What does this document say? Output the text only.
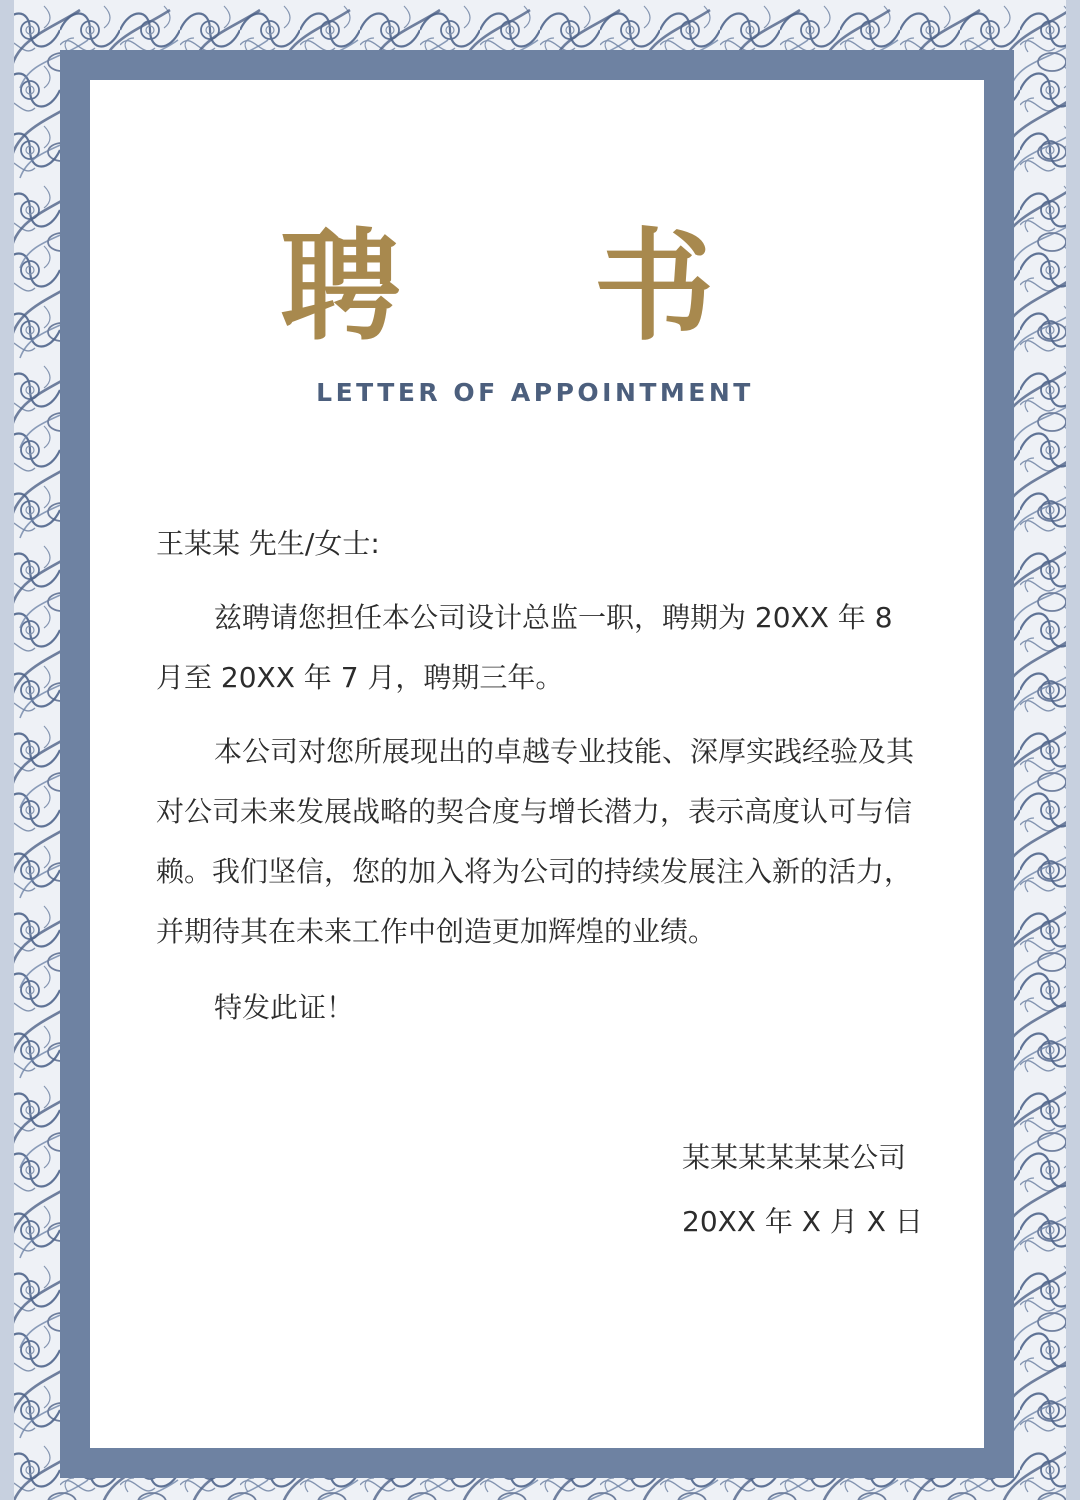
聘 书

LETTER OF APPOINTMENT

王某某 先生/女士:

兹聘请您担任本公司设计总监一职，聘期为 20XX 年 8 月至 20XX 年 7 月，聘期三年。

本公司对您所展现出的卓越专业技能、深厚实践经验及其对公司未来发展战略的契合度与增长潜力，表示高度认可与信赖。我们坚信，您的加入将为公司的持续发展注入新的活力，并期待其在未来工作中创造更加辉煌的业绩。

特发此证！

某某某某某某公司

20XX 年 X 月 X 日
